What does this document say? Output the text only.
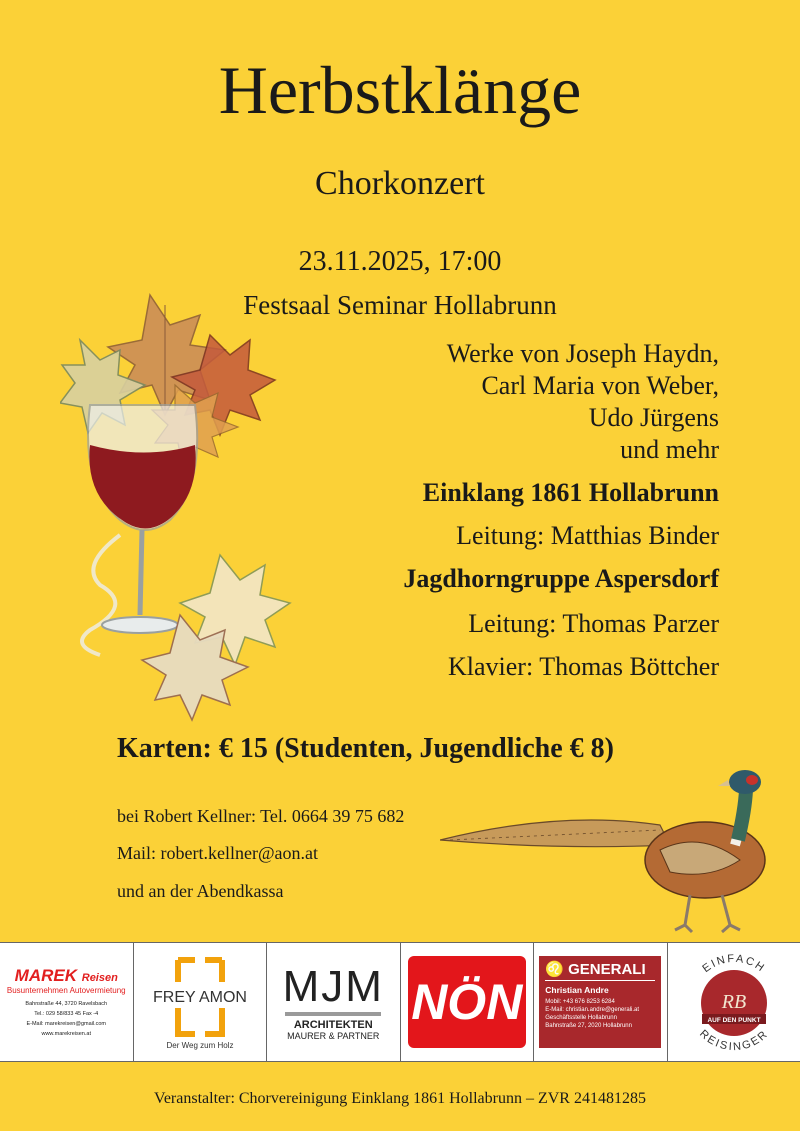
Herbstklänge
Chorkonzert
23.11.2025, 17:00
Festsaal Seminar Hollabrunn
Werke von Joseph Haydn,
Carl Maria von Weber,
Udo Jürgens
und mehr
Einklang 1861 Hollabrunn
Leitung: Matthias Binder
Jagdhorngruppe Aspersdorf
Leitung: Thomas Parzer
Klavier: Thomas Böttcher
Karten: € 15 (Studenten, Jugendliche € 8)
bei Robert Kellner: Tel. 0664 39 75 682
Mail: robert.kellner@aon.at
und an der Abendkassa
MAREK Reisen
Busunternehmen Autovermietung
Bahnstraße 44, 3720 Ravelsbach
Tel.: 029 58/833 45 Fax -4
E-Mail: marekreisen@gmail.com
www.marekreisen.at
FREY AMON
Der Weg zum Holz
MJM
ARCHITEKTEN
MAURER & PARTNER
NÖN
♌ GENERALI
Christian Andre
Mobil: +43 676 8253 6284
E-Mail: christian.andre@generali.at
Geschäftsstelle Hollabrunn
Bahnstraße 27, 2020 Hollabrunn
EINFACH
REISINGER
RB
AUF DEN PUNKT
Veranstalter: Chorvereinigung Einklang 1861 Hollabrunn – ZVR 241481285
